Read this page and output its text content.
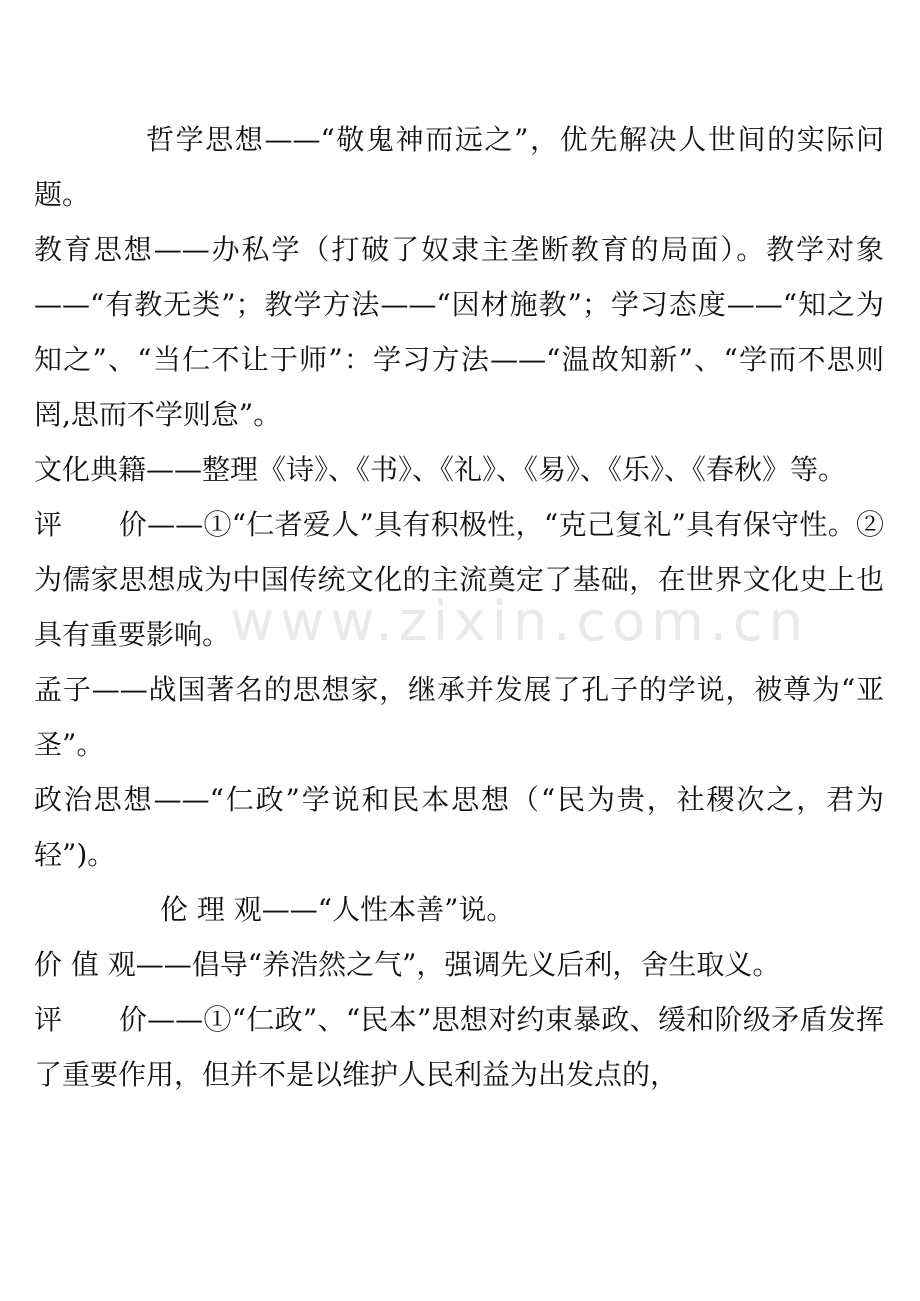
www.zixin.com.cn

哲学思想——“敬鬼神而远之”，优先解决人世间的实际问题。

教育思想——办私学（打破了奴隶主垄断教育的局面）。教学对象——“有教无类”；教学方法——“因材施教”；学习态度——“知之为知之”、“当仁不让于师”：学习方法——“温故知新”、“学而不思则罔,思而不学则怠”。

文化典籍——整理《诗》、《书》、《礼》、《易》、《乐》、《春秋》等。

评　　价——①“仁者爱人”具有积极性，“克己复礼”具有保守性。②为儒家思想成为中国传统文化的主流奠定了基础，在世界文化史上也具有重要影响。

孟子——战国著名的思想家，继承并发展了孔子的学说，被尊为“亚圣”。

政治思想——“仁政”学说和民本思想（“民为贵，社稷次之，君为轻”)。

伦 理 观——“人性本善”说。

价 值 观——倡导“养浩然之气”，强调先义后利，舍生取义。

评　　价——①“仁政”、“民本”思想对约束暴政、缓和阶级矛盾发挥了重要作用，但并不是以维护人民利益为出发点的，
